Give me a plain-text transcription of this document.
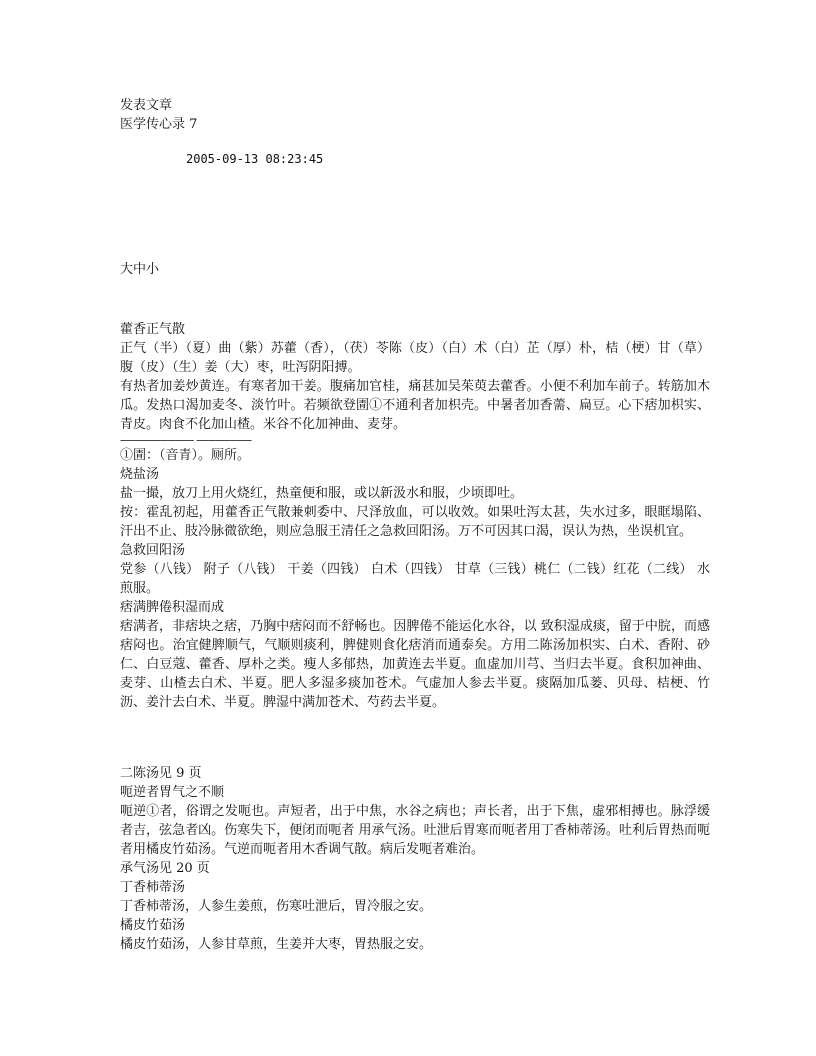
发表文章
医学传心录 7
2005-09-13 08:23:45
大中小
藿香正气散
正气（半）（夏）曲（紫）苏藿（香），（茯）苓陈（皮）（白）术（白）芷（厚）朴，桔（梗）甘（草）腹（皮）（生）姜（大）枣，吐泻阴阳搏。
有热者加姜炒黄连。有寒者加干姜。腹痛加官桂，痛甚加吴茱萸去藿香。小便不利加车前子。转筋加木瓜。发热口渴加麦冬、淡竹叶。若频欲登圊①不通利者加枳壳。中暑者加香薷、扁豆。心下痞加枳实、青皮。肉食不化加山楂。米谷不化加神曲、麦芽。
------------------------ ------------------
①圊：（音青）。厕所。
烧盐汤
盐一撮，放刀上用火烧红，热童便和服，或以新汲水和服，少顷即吐。
按：霍乱初起，用藿香正气散兼刺委中、尺泽放血，可以收效。如果吐泻太甚，失水过多，眼眶塌陷、汗出不止、肢冷脉微欲绝，则应急服王清任之急救回阳汤。万不可因其口渴，误认为热，坐误机宜。
急救回阳汤
党参（八钱） 附子（八钱） 干姜（四钱） 白术（四钱） 甘草（三钱）桃仁（二钱）红花（二线） 水煎服。
痞满脾倦积湿而成
痞满者，非痞块之痞，乃胸中痞闷而不舒畅也。因脾倦不能运化水谷，以 致积湿成痰，留于中脘，而感痞闷也。治宜健脾顺气，气顺则痰利，脾健则食化痞消而通泰矣。方用二陈汤加枳实、白术、香附、砂仁、白豆蔻、藿香、厚朴之类。瘦人多郁热，加黄连去半夏。血虚加川芎、当归去半夏。食积加神曲、麦芽、山楂去白术、半夏。肥人多湿多痰加苍术。气虚加人参去半夏。痰隔加瓜蒌、贝母、桔梗、竹沥、姜汁去白术、半夏。脾湿中满加苍术、芍药去半夏。
二陈汤见 9 页
呃逆者胃气之不顺
呃逆①者，俗谓之发呃也。声短者，出于中焦，水谷之病也；声长者，出于下焦，虚邪相搏也。脉浮缓者吉，弦急者凶。伤寒失下，便闭而呃者 用承气汤。吐泄后胃寒而呃者用丁香柿蒂汤。吐利后胃热而呃者用橘皮竹茹汤。气逆而呃者用木香调气散。病后发呃者难治。
承气汤见 20 页
丁香柿蒂汤
丁香柿蒂汤，人参生姜煎，伤寒吐泄后，胃冷服之安。
橘皮竹茹汤
橘皮竹茹汤，人参甘草煎，生姜并大枣，胃热服之安。
